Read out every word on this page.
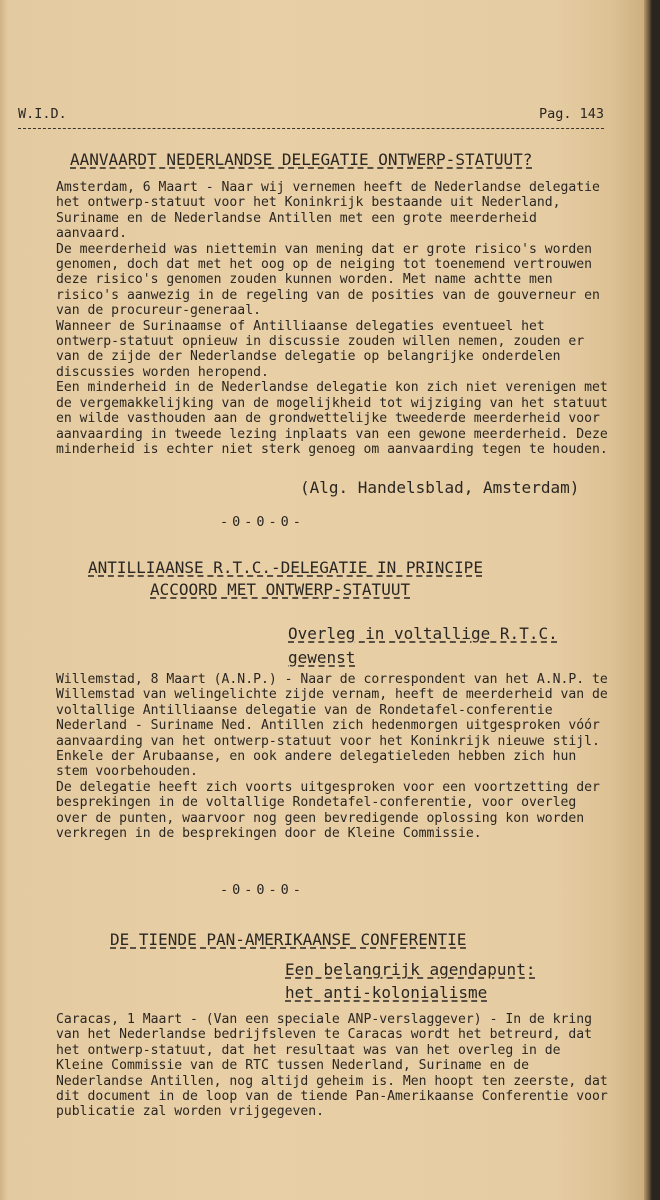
W.I.D.	Pag. 143
AANVAARDT NEDERLANDSE DELEGATIE ONTWERP-STATUUT?

Amsterdam, 6 Maart - Naar wij vernemen heeft de Nederlandse delegatie het ontwerp-statuut voor het Koninkrijk bestaande uit Nederland, Suriname en de Nederlandse Antillen met een grote meerderheid aanvaard.

De meerderheid was niettemin van mening dat er grote risico's worden genomen, doch dat met het oog op de neiging tot toenemend vertrouwen deze risico's genomen zouden kunnen worden. Met name achtte men risico's aanwezig in de regeling van de posities van de gouverneur en van de procureur-generaal.

Wanneer de Surinaamse of Antilliaanse delegaties eventueel het ontwerp-statuut opnieuw in discussie zouden willen nemen, zouden er van de zijde der Nederlandse delegatie op belangrijke onderdelen discussies worden heropend.

Een minderheid in de Nederlandse delegatie kon zich niet verenigen met de vergemakkelijking van de mogelijkheid tot wijziging van het statuut en wilde vasthouden aan de grondwettelijke tweederde meerderheid voor aanvaarding in tweede lezing inplaats van een gewone meerderheid. Deze minderheid is echter niet sterk genoeg om aanvaarding tegen te houden.

(Alg. Handelsblad, Amsterdam)
-0-0-0-
ANTILLIAANSE R.T.C.-DELEGATIE IN PRINCIPE
ACCOORD MET ONTWERP-STATUUT
Overleg in voltallige R.T.C.
gewenst

Willemstad, 8 Maart (A.N.P.) - Naar de correspondent van het A.N.P. te Willemstad van welingelichte zijde vernam, heeft de meerderheid van de voltallige Antilliaanse delegatie van de Rondetafel-conferentie Nederland - Suriname Ned. Antillen zich hedenmorgen uitgesproken vóór aanvaarding van het ontwerp-statuut voor het Koninkrijk nieuwe stijl. Enkele der Arubaanse, en ook andere delegatieleden hebben zich hun stem voorbehouden.

De delegatie heeft zich voorts uitgesproken voor een voortzetting der besprekingen in de voltallige Rondetafel-conferentie, voor overleg over de punten, waarvoor nog geen bevredigende oplossing kon worden verkregen in de besprekingen door de Kleine Commissie.

-0-0-0-
DE TIENDE PAN-AMERIKAANSE CONFERENTIE
Een belangrijk agendapunt:
het anti-kolonialisme

Caracas, 1 Maart - (Van een speciale ANP-verslaggever) - In de kring van het Nederlandse bedrijfsleven te Caracas wordt het betreurd, dat het ontwerp-statuut, dat het resultaat was van het overleg in de Kleine Commissie van de RTC tussen Nederland, Suriname en de Nederlandse Antillen, nog altijd geheim is. Men hoopt ten zeerste, dat dit document in de loop van de tiende Pan-Amerikaanse Conferentie voor publicatie zal worden vrijgegeven.
